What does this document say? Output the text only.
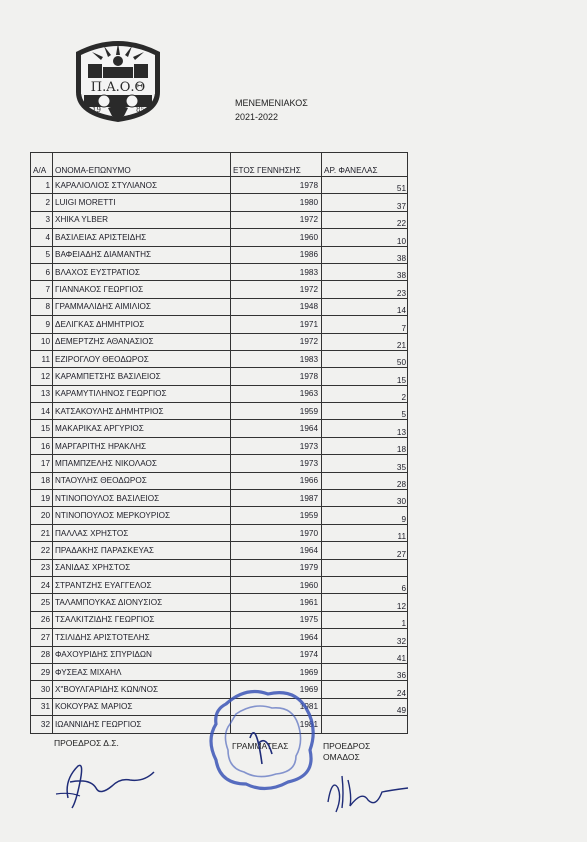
Π.Α.Ο.Θ
19	85
ΜΕΝΕΜΕΝΙΑΚΟΣ
2021-2022
Α/Α	ΟΝΟΜΑ-ΕΠΩΝΥΜΟ	ΕΤΟΣ ΓΕΝΝΗΣΗΣ	ΑΡ. ΦΑΝΕΛΑΣ
1	ΚΑΡΑΛΙΟΛΙΟΣ ΣΤΥΛΙΑΝΟΣ	1978	51
2	LUIGI MORETTI	1980	37
3	XHIKA YLBER	1972	22
4	ΒΑΣΙΛΕΙΑΣ ΑΡΙΣΤΕΙΔΗΣ	1960	10
5	ΒΑΦΕΙΑΔΗΣ ΔΙΑΜΑΝΤΗΣ	1986	38
6	ΒΛΑΧΟΣ ΕΥΣΤΡΑΤΙΟΣ	1983	38
7	ΓΙΑΝΝΑΚΟΣ ΓΕΩΡΓΙΟΣ	1972	23
8	ΓΡΑΜΜΑΛΙΔΗΣ ΑΙΜΙΛΙΟΣ	1948	14
9	ΔΕΛΙΓΚΑΣ ΔΗΜΗΤΡΙΟΣ	1971	7
10	ΔΕΜΕΡΤΖΗΣ ΑΘΑΝΑΣΙΟΣ	1972	21
11	ΕΖΙΡΟΓΛΟΥ ΘΕΟΔΩΡΟΣ	1983	50
12	ΚΑΡΑΜΠΕΤΣΗΣ ΒΑΣΙΛΕΙΟΣ	1978	15
13	ΚΑΡΑΜΥΤΙΛΗΝΟΣ ΓΕΩΡΓΙΟΣ	1963	2
14	ΚΑΤΣΑΚΟΥΛΗΣ ΔΗΜΗΤΡΙΟΣ	1959	5
15	ΜΑΚΑΡΙΚΑΣ ΑΡΓΥΡΙΟΣ	1964	13
16	ΜΑΡΓΑΡΙΤΗΣ ΗΡΑΚΛΗΣ	1973	18
17	ΜΠΑΜΠΖΕΛΗΣ ΝΙΚΟΛΑΟΣ	1973	35
18	ΝΤΑΟΥΛΗΣ ΘΕΟΔΩΡΟΣ	1966	28
19	ΝΤΙΝΟΠΟΥΛΟΣ ΒΑΣΙΛΕΙΟΣ	1987	30
20	ΝΤΙΝΟΠΟΥΛΟΣ ΜΕΡΚΟΥΡΙΟΣ	1959	9
21	ΠΑΛΛΑΣ ΧΡΗΣΤΟΣ	1970	11
22	ΠΡΑΔΑΚΗΣ ΠΑΡΑΣΚΕΥΑΣ	1964	27
23	ΣΑΝΙΔΑΣ ΧΡΗΣΤΟΣ	1979	
24	ΣΤΡΑΝΤΖΗΣ ΕΥΑΓΓΕΛΟΣ	1960	6
25	ΤΑΛΑΜΠΟΥΚΑΣ ΔΙΟΝΥΣΙΟΣ	1961	12
26	ΤΣΑΛΚΙΤΖΙΔΗΣ ΓΕΩΡΓΙΟΣ	1975	1
27	ΤΣΙΛΙΔΗΣ ΑΡΙΣΤΟΤΕΛΗΣ	1964	32
28	ΦΑΧΟΥΡΙΔΗΣ ΣΠΥΡΙΔΩΝ	1974	41
29	ΦΥΣΕΑΣ ΜΙΧΑΗΛ	1969	36
30	Χ"ΒΟΥΛΓΑΡΙΔΗΣ ΚΩΝ/ΝΟΣ	1969	24
31	ΚΟΚΟΥΡΑΣ ΜΑΡΙΟΣ	1981	49
32	ΙΩΑΝΝΙΔΗΣ ΓΕΩΡΓΙΟΣ	1981	
ΠΡΟΕΔΡΟΣ Δ.Σ.	ΓΡΑΜΜΑΤΕΑΣ	ΠΡΟΕΔΡΟΣ
ΟΜΑΔΟΣ
